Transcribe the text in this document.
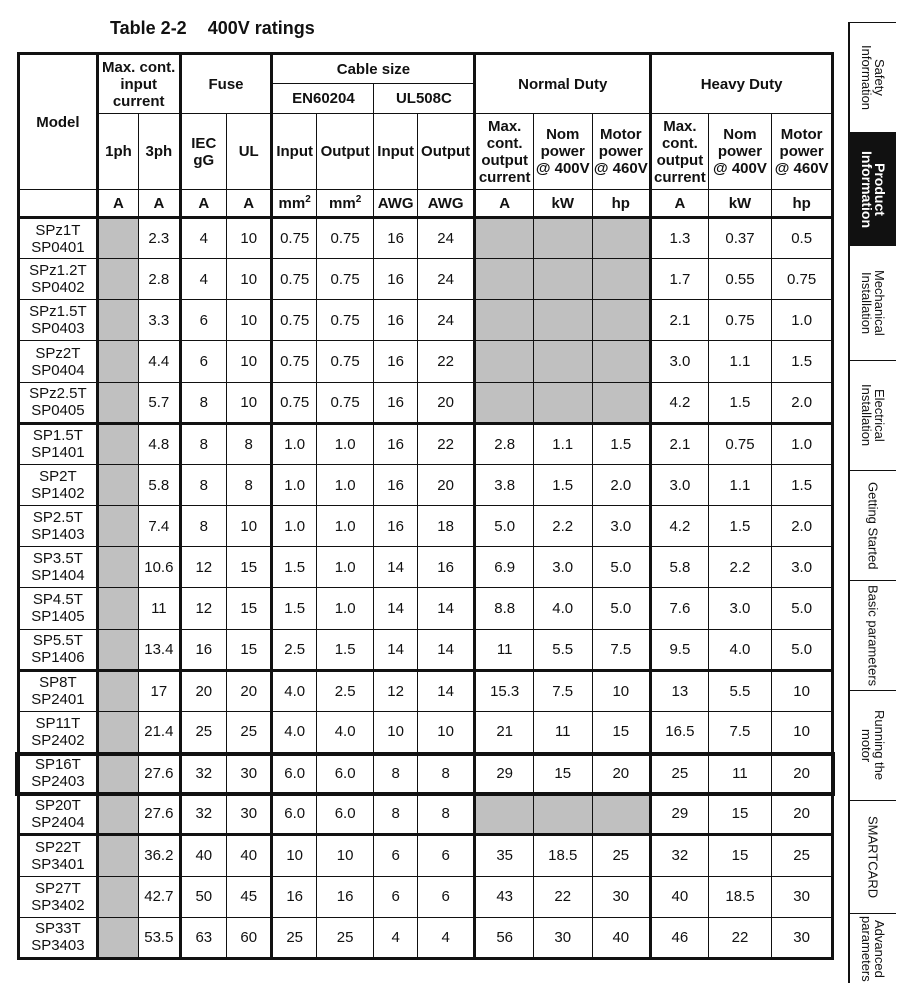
Table 2-2 400V ratings
Model	Max. cont. input current		Fuse		Cable size				Normal Duty			Heavy Duty		
					EN60204		UL508C							
	1ph	3ph	IEC gG	UL	Input	Output	Input	Output	Max. cont. output current	Nom power @ 400V	Motor power @ 460V	Max. cont. output current	Nom power @ 400V	Motor power @ 460V
	A	A	A	A	$mm^2$	$mm^2$	AWG	AWG	A	kW	hp	A	kW	hp

SPz1T
SP0401		2.3	4	10	0.75	0.75	16	24				1.3	0.37	0.5

SPz1.2T
SP0402		2.8	4	10	0.75	0.75	16	24				1.7	0.55	0.75

SPz1.5T
SP0403		3.3	6	10	0.75	0.75	16	24				2.1	0.75	1.0

SPz2T
SP0404		4.4	6	10	0.75	0.75	16	22				3.0	1.1	1.5

SPz2.5T
SP0405		5.7	8	10	0.75	0.75	16	20				4.2	1.5	2.0

SP1.5T
SP1401		4.8	8	8	1.0	1.0	16	22	2.8	1.1	1.5	2.1	0.75	1.0

SP2T
SP1402		5.8	8	8	1.0	1.0	16	20	3.8	1.5	2.0	3.0	1.1	1.5

SP2.5T
SP1403		7.4	8	10	1.0	1.0	16	18	5.0	2.2	3.0	4.2	1.5	2.0

SP3.5T
SP1404		10.6	12	15	1.5	1.0	14	16	6.9	3.0	5.0	5.8	2.2	3.0

SP4.5T
SP1405		11	12	15	1.5	1.0	14	14	8.8	4.0	5.0	7.6	3.0	5.0

SP5.5T
SP1406		13.4	16	15	2.5	1.5	14	14	11	5.5	7.5	9.5	4.0	5.0

SP8T
SP2401		17	20	20	4.0	2.5	12	14	15.3	7.5	10	13	5.5	10

SP11T
SP2402		21.4	25	25	4.0	4.0	10	10	21	11	15	16.5	7.5	10

SP16T
SP2403		27.6	32	30	6.0	6.0	8	8	29	15	20	25	11	20

SP20T
SP2404		27.6	32	30	6.0	6.0	8	8				29	15	20

SP22T
SP3401		36.2	40	40	10	10	6	6	35	18.5	25	32	15	25

SP27T
SP3402		42.7	50	45	16	16	6	6	43	22	30	40	18.5	30

SP33T
SP3403		53.5	63	60	25	25	4	4	56	30	40	46	22	30
Safety
Information
Product
Information
Mechanical
Installation
Electrical
Installation
Getting Started
Basic parameters
Running the
motor
SMARTCARD
Advanced
parameters
